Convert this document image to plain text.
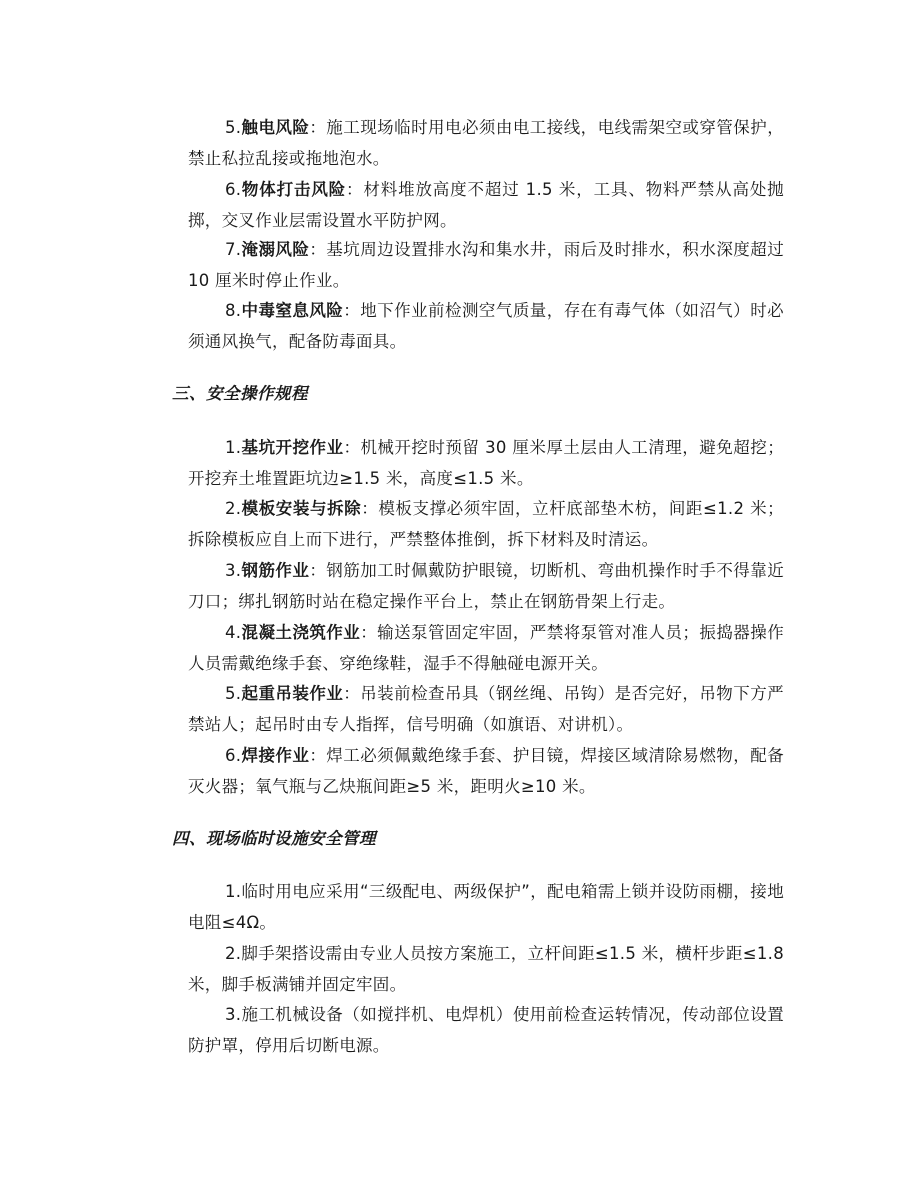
5.触电风险：施工现场临时用电必须由电工接线，电线需架空或穿管保护，禁止私拉乱接或拖地泡水。

6.物体打击风险：材料堆放高度不超过 1.5 米，工具、物料严禁从高处抛掷，交叉作业层需设置水平防护网。

7.淹溺风险：基坑周边设置排水沟和集水井，雨后及时排水，积水深度超过 10 厘米时停止作业。

8.中毒窒息风险：地下作业前检测空气质量，存在有毒气体（如沼气）时必须通风换气，配备防毒面具。

三、安全操作规程

1.基坑开挖作业：机械开挖时预留 30 厘米厚土层由人工清理，避免超挖；开挖弃土堆置距坑边≥1.5 米，高度≤1.5 米。

2.模板安装与拆除：模板支撑必须牢固，立杆底部垫木枋，间距≤1.2 米；拆除模板应自上而下进行，严禁整体推倒，拆下材料及时清运。

3.钢筋作业：钢筋加工时佩戴防护眼镜，切断机、弯曲机操作时手不得靠近刀口；绑扎钢筋时站在稳定操作平台上，禁止在钢筋骨架上行走。

4.混凝土浇筑作业：输送泵管固定牢固，严禁将泵管对准人员；振捣器操作人员需戴绝缘手套、穿绝缘鞋，湿手不得触碰电源开关。

5.起重吊装作业：吊装前检查吊具（钢丝绳、吊钩）是否完好，吊物下方严禁站人；起吊时由专人指挥，信号明确（如旗语、对讲机）。

6.焊接作业：焊工必须佩戴绝缘手套、护目镜，焊接区域清除易燃物，配备灭火器；氧气瓶与乙炔瓶间距≥5 米，距明火≥10 米。

四、现场临时设施安全管理

1.临时用电应采用“三级配电、两级保护”，配电箱需上锁并设防雨棚，接地电阻≤4Ω。

2.脚手架搭设需由专业人员按方案施工，立杆间距≤1.5 米，横杆步距≤1.8 米，脚手板满铺并固定牢固。

3.施工机械设备（如搅拌机、电焊机）使用前检查运转情况，传动部位设置防护罩，停用后切断电源。
